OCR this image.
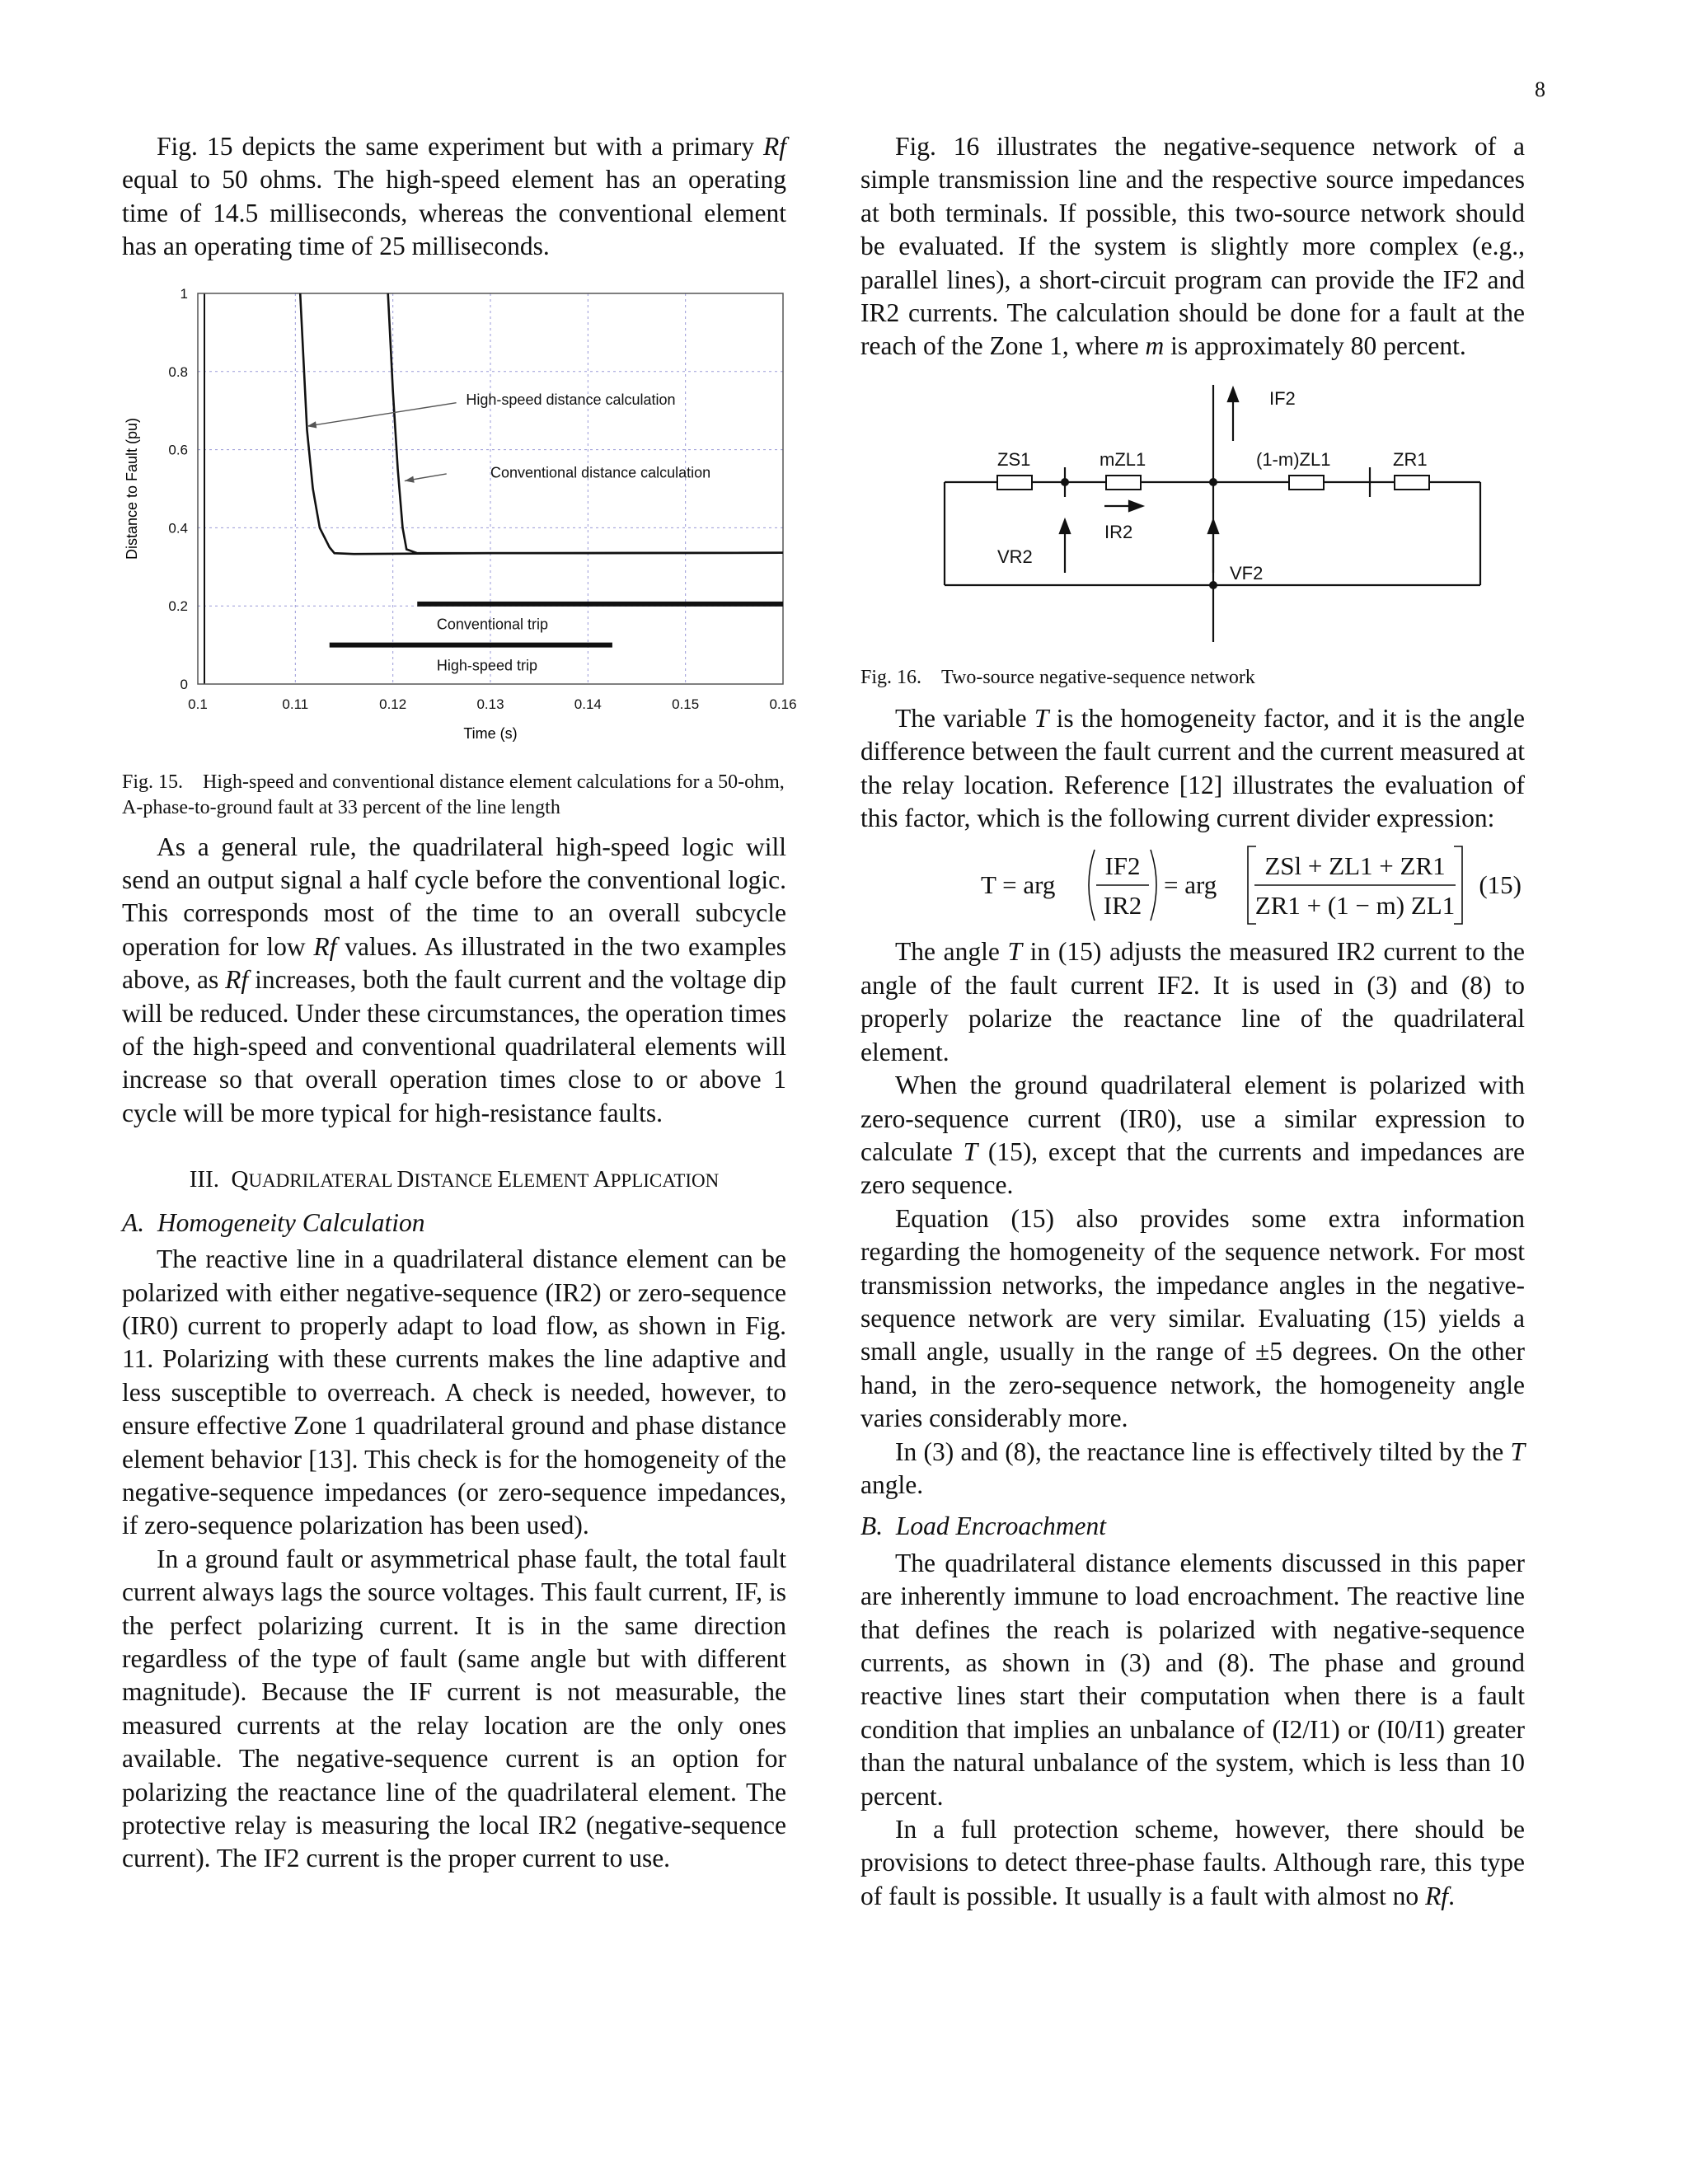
8

Fig. 15 depicts the same experiment but with a primary Rf equal to 50 ohms. The high-speed element has an operating time of 14.5 milliseconds, whereas the conventional element has an operating time of 25 milliseconds.

0
0.2
0.4
0.6
0.8
1
0.1	0.11	0.12	0.13	0.14	0.15	0.16
High-speed distance calculation
Conventional distance calculation
Conventional trip
High-speed trip
Time (s)
Distance to Fault (pu)

Fig. 15. High-speed and conventional distance element calculations for a 50-ohm, A-phase-to-ground fault at 33 percent of the line length

As a general rule, the quadrilateral high-speed logic will send an output signal a half cycle before the conventional logic. This corresponds most of the time to an overall subcycle operation for low Rf values. As illustrated in the two examples above, as Rf increases, both the fault current and the voltage dip will be reduced. Under these circumstances, the operation times of the high-speed and conventional quadrilateral elements will increase so that overall operation times close to or above 1 cycle will be more typical for high-resistance faults.

III. QUADRILATERAL DISTANCE ELEMENT APPLICATION

A. Homogeneity Calculation

The reactive line in a quadrilateral distance element can be polarized with either negative-sequence (IR2) or zero-sequence (IR0) current to properly adapt to load flow, as shown in Fig. 11. Polarizing with these currents makes the line adaptive and less susceptible to overreach. A check is needed, however, to ensure effective Zone 1 quadrilateral ground and phase distance element behavior [13]. This check is for the homogeneity of the negative-sequence impedances (or zero-sequence impedances, if zero-sequence polarization has been used).

In a ground fault or asymmetrical phase fault, the total fault current always lags the source voltages. This fault current, IF, is the perfect polarizing current. It is in the same direction regardless of the type of fault (same angle but with different magnitude). Because the IF current is not measurable, the measured currents at the relay location are the only ones available. The negative-sequence current is an option for polarizing the reactance line of the quadrilateral element. The protective relay is measuring the local IR2 (negative-sequence current). The IF2 current is the proper current to use.

Fig. 16 illustrates the negative-sequence network of a simple transmission line and the respective source impedances at both terminals. If possible, this two-source network should be evaluated. If the system is slightly more complex (e.g., parallel lines), a short-circuit program can provide the IF2 and IR2 currents. The calculation should be done for a fault at the reach of the Zone 1, where m is approximately 80 percent.

IF2
ZS1	mZL1	(1-m)ZL1	ZR1
IR2
VR2
VF2

Fig. 16. Two-source negative-sequence network

The variable T is the homogeneity factor, and it is the angle difference between the fault current and the current measured at the relay location. Reference [12] illustrates the evaluation of this factor, which is the following current divider expression:

T = arg
IF2
IR2
= arg
ZSl + ZL1 + ZR1
ZR1 + (1 − m) ZL1
(15)

The angle T in (15) adjusts the measured IR2 current to the angle of the fault current IF2. It is used in (3) and (8) to properly polarize the reactance line of the quadrilateral element.

When the ground quadrilateral element is polarized with zero-sequence current (IR0), use a similar expression to calculate T (15), except that the currents and impedances are zero sequence.

Equation (15) also provides some extra information regarding the homogeneity of the sequence network. For most transmission networks, the impedance angles in the negative-sequence network are very similar. Evaluating (15) yields a small angle, usually in the range of ±5 degrees. On the other hand, in the zero-sequence network, the homogeneity angle varies considerably more.

In (3) and (8), the reactance line is effectively tilted by the T angle.

B. Load Encroachment

The quadrilateral distance elements discussed in this paper are inherently immune to load encroachment. The reactive line that defines the reach is polarized with negative-sequence currents, as shown in (3) and (8). The phase and ground reactive lines start their computation when there is a fault condition that implies an unbalance of (I2/I1) or (I0/I1) greater than the natural unbalance of the system, which is less than 10 percent.

In a full protection scheme, however, there should be provisions to detect three-phase faults. Although rare, this type of fault is possible. It usually is a fault with almost no Rf.
